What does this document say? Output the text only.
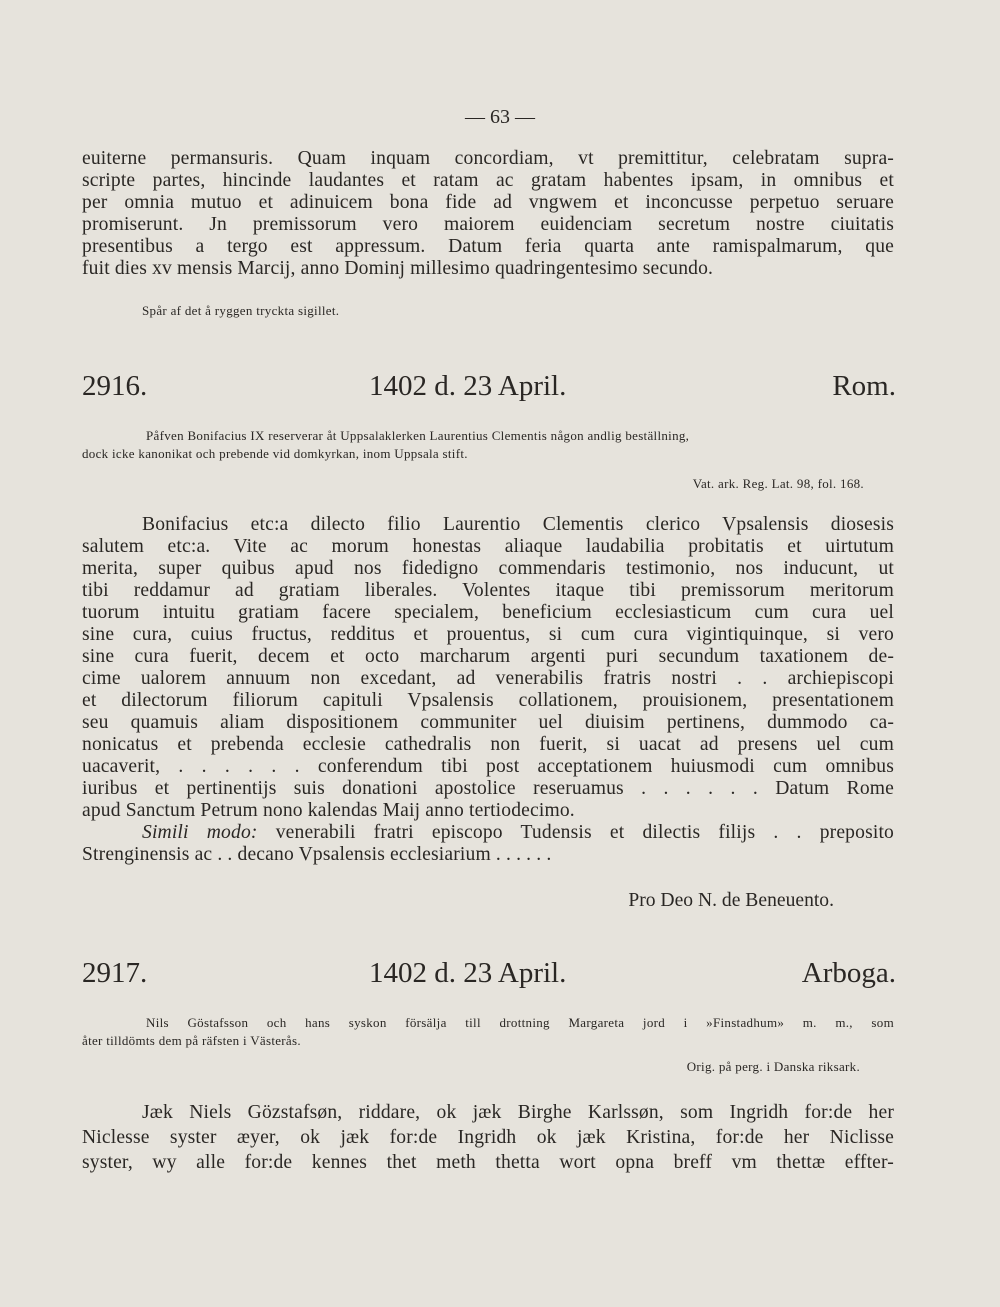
— 63 —
euiterne permansuris. Quam inquam concordiam, vt premittitur, celebratam supra-
scripte partes, hincinde laudantes et ratam ac gratam habentes ipsam, in omnibus et
per omnia mutuo et adinuicem bona fide ad vngwem et inconcusse perpetuo seruare
promiserunt. Jn premissorum vero maiorem euidenciam secretum nostre ciuitatis
presentibus a tergo est appressum. Datum feria quarta ante ramispalmarum, que
fuit dies xv mensis Marcij, anno Dominj millesimo quadringentesimo secundo.
Spår af det å ryggen tryckta sigillet.
2916.	1402 d. 23 April.	Rom.
Påfven Bonifacius IX reserverar åt Uppsalaklerken Laurentius Clementis någon andlig beställning,
dock icke kanonikat och prebende vid domkyrkan, inom Uppsala stift.
Vat. ark. Reg. Lat. 98, fol. 168.
Bonifacius etc:a dilecto filio Laurentio Clementis clerico Vpsalensis diosesis
salutem etc:a. Vite ac morum honestas aliaque laudabilia probitatis et uirtutum
merita, super quibus apud nos fidedigno commendaris testimonio, nos inducunt, ut
tibi reddamur ad gratiam liberales. Volentes itaque tibi premissorum meritorum
tuorum intuitu gratiam facere specialem, beneficium ecclesiasticum cum cura uel
sine cura, cuius fructus, redditus et prouentus, si cum cura vigintiquinque, si vero
sine cura fuerit, decem et octo marcharum argenti puri secundum taxationem de-
cime ualorem annuum non excedant, ad venerabilis fratris nostri . . archiepiscopi
et dilectorum filiorum capituli Vpsalensis collationem, prouisionem, presentationem
seu quamuis aliam dispositionem communiter uel diuisim pertinens, dummodo ca-
nonicatus et prebenda ecclesie cathedralis non fuerit, si uacat ad presens uel cum
uacaverit, . . . . . . conferendum tibi post acceptationem huiusmodi cum omnibus
iuribus et pertinentijs suis donationi apostolice reseruamus . . . . . . Datum Rome
apud Sanctum Petrum nono kalendas Maij anno tertiodecimo.
Simili modo: venerabili fratri episcopo Tudensis et dilectis filijs . . preposito
Strenginensis ac . . decano Vpsalensis ecclesiarium . . . . . .
Pro Deo N. de Beneuento.
2917.	1402 d. 23 April.	Arboga.
Nils Göstafsson och hans syskon försälja till drottning Margareta jord i »Finstadhum» m. m., som
åter tilldömts dem på räfsten i Västerås.
Orig. på perg. i Danska riksark.
Jæk Niels Gözstafsøn, riddare, ok jæk Birghe Karlssøn, som Ingridh for:de her
Niclesse syster æyer, ok jæk for:de Ingridh ok jæk Kristina, for:de her Niclisse
syster, wy alle for:de kennes thet meth thetta wort opna breff vm thettæ effter-
